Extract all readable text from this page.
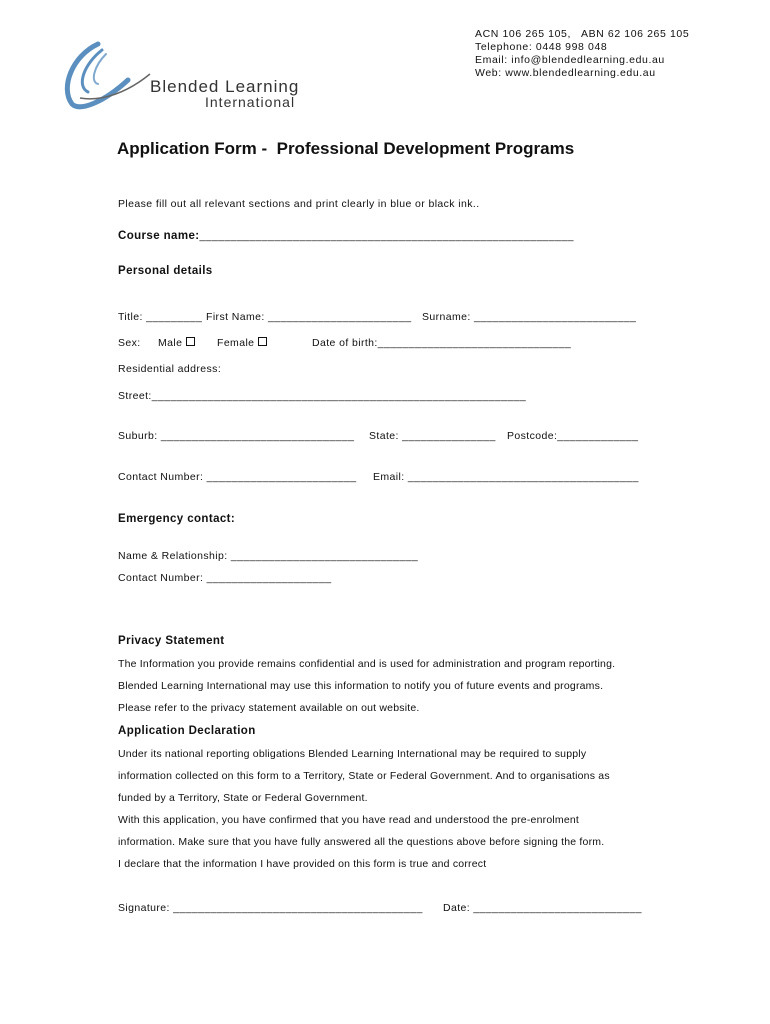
Blended Learning
International
ACN 106 265 105,   ABN 62 106 265 105
Telephone: 0448 998 048
Email: info@blendedlearning.edu.au
Web: www.blendedlearning.edu.au
Application Form -  Professional Development Programs
Please fill out all relevant sections and print clearly in blue or black ink..
Course name:____________________________________________________________
Personal details
Title: _________ First Name: _______________________ Surname: __________________________
Sex: Male	Female	Date of birth:_______________________________
Residential address:
Street:____________________________________________________________
Suburb: _______________________________ State: _______________ Postcode:_____________
Contact Number: ________________________ Email: _____________________________________
Emergency contact:
Name & Relationship: ______________________________
Contact Number: ____________________
Privacy Statement
The Information you provide remains confidential and is used for administration and program reporting.
Blended Learning International may use this information to notify you of future events and programs.
Please refer to the privacy statement available on out website.
Application Declaration
Under its national reporting obligations Blended Learning International may be required to supply
information collected on this form to a Territory, State or Federal Government. And to organisations as
funded by a Territory, State or Federal Government.
With this application, you have confirmed that you have read and understood the pre-enrolment
information. Make sure that you have fully answered all the questions above before signing the form.
I declare that the information I have provided on this form is true and correct
Signature: ________________________________________ Date: ___________________________
